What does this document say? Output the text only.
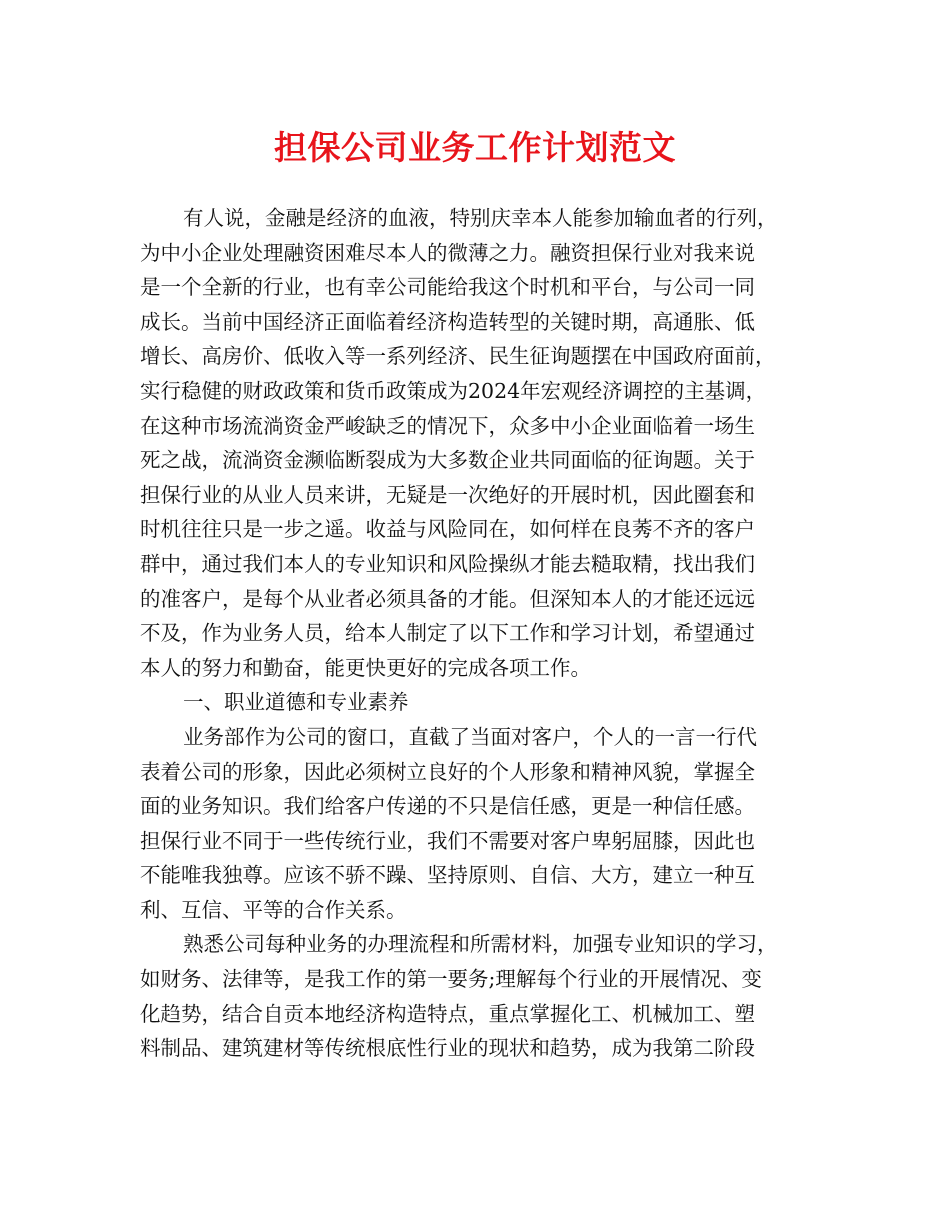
担保公司业务工作计划范文
有人说，金融是经济的血液，特别庆幸本人能参加输血者的行列，
为中小企业处理融资困难尽本人的微薄之力。融资担保行业对我来说
是一个全新的行业，也有幸公司能给我这个时机和平台，与公司一同
成长。当前中国经济正面临着经济构造转型的关键时期，高通胀、低
增长、高房价、低收入等一系列经济、民生征询题摆在中国政府面前，
实行稳健的财政政策和货币政策成为2024年宏观经济调控的主基调，
在这种市场流淌资金严峻缺乏的情况下，众多中小企业面临着一场生
死之战，流淌资金濒临断裂成为大多数企业共同面临的征询题。关于
担保行业的从业人员来讲，无疑是一次绝好的开展时机，因此圈套和
时机往往只是一步之遥。收益与风险同在，如何样在良莠不齐的客户
群中，通过我们本人的专业知识和风险操纵才能去糙取精，找出我们
的准客户，是每个从业者必须具备的才能。但深知本人的才能还远远
不及，作为业务人员，给本人制定了以下工作和学习计划，希望通过
本人的努力和勤奋，能更快更好的完成各项工作。
一、职业道德和专业素养
业务部作为公司的窗口，直截了当面对客户，个人的一言一行代
表着公司的形象，因此必须树立良好的个人形象和精神风貌，掌握全
面的业务知识。我们给客户传递的不只是信任感，更是一种信任感。
担保行业不同于一些传统行业，我们不需要对客户卑躬屈膝，因此也
不能唯我独尊。应该不骄不躁、坚持原则、自信、大方，建立一种互
利、互信、平等的合作关系。
熟悉公司每种业务的办理流程和所需材料，加强专业知识的学习，
如财务、法律等，是我工作的第一要务;理解每个行业的开展情况、变
化趋势，结合自贡本地经济构造特点，重点掌握化工、机械加工、塑
料制品、建筑建材等传统根底性行业的现状和趋势，成为我第二阶段
